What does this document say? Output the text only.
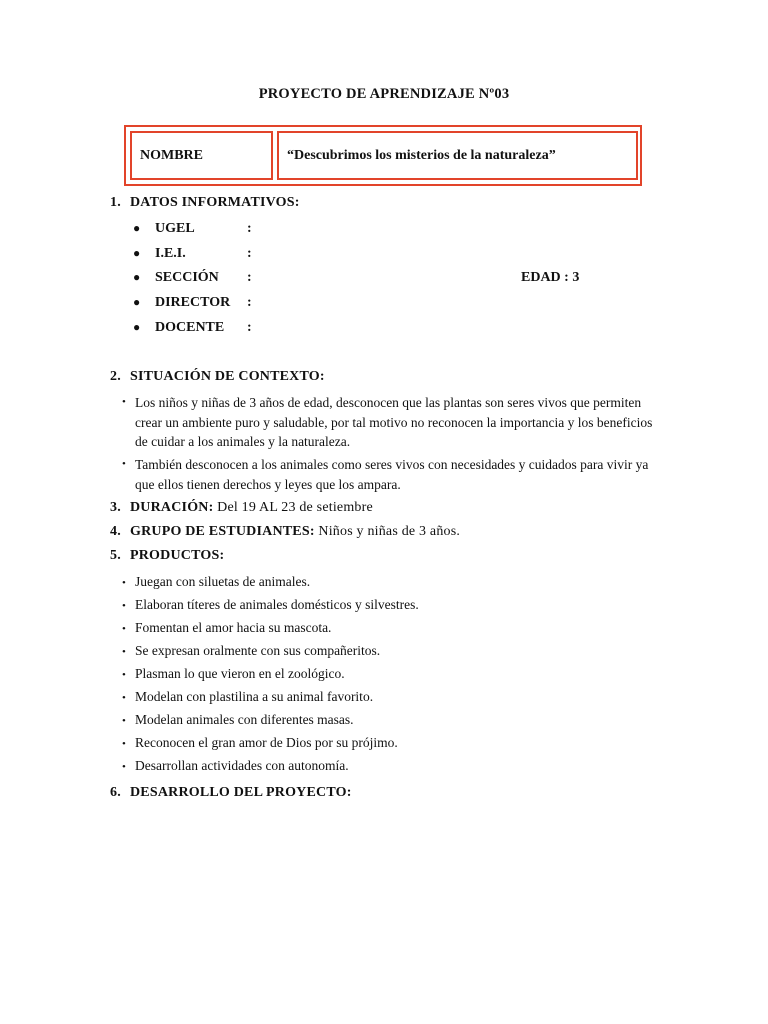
PROYECTO DE APRENDIZAJE Nº03
NOMBRE	“Descubrimos los misterios de la naturaleza”
1. DATOS INFORMATIVOS:
● UGEL	:
● I.E.I.	:
● SECCIÓN :	EDAD : 3
● DIRECTOR :
● DOCENTE :
2. SITUACIÓN DE CONTEXTO:
• Los niños y niñas de 3 años de edad, desconocen que las plantas son seres vivos que permiten crear un ambiente puro y saludable, por tal motivo no reconocen la importancia y los beneficios de cuidar a los animales y la naturaleza.
• También desconocen a los animales como seres vivos con necesidades y cuidados para vivir ya que ellos tienen derechos y leyes que los ampara.
3. DURACIÓN: Del 19 AL 23 de setiembre
4. GRUPO DE ESTUDIANTES: Niños y niñas de 3 años.
5. PRODUCTOS:
• Juegan con siluetas de animales.
• Elaboran títeres de animales domésticos y silvestres.
• Fomentan el amor hacia su mascota.
• Se expresan oralmente con sus compañeritos.
• Plasman lo que vieron en el zoológico.
• Modelan con plastilina a su animal favorito.
• Modelan animales con diferentes masas.
• Reconocen el gran amor de Dios por su prójimo.
• Desarrollan actividades con autonomía.
6. DESARROLLO DEL PROYECTO:
